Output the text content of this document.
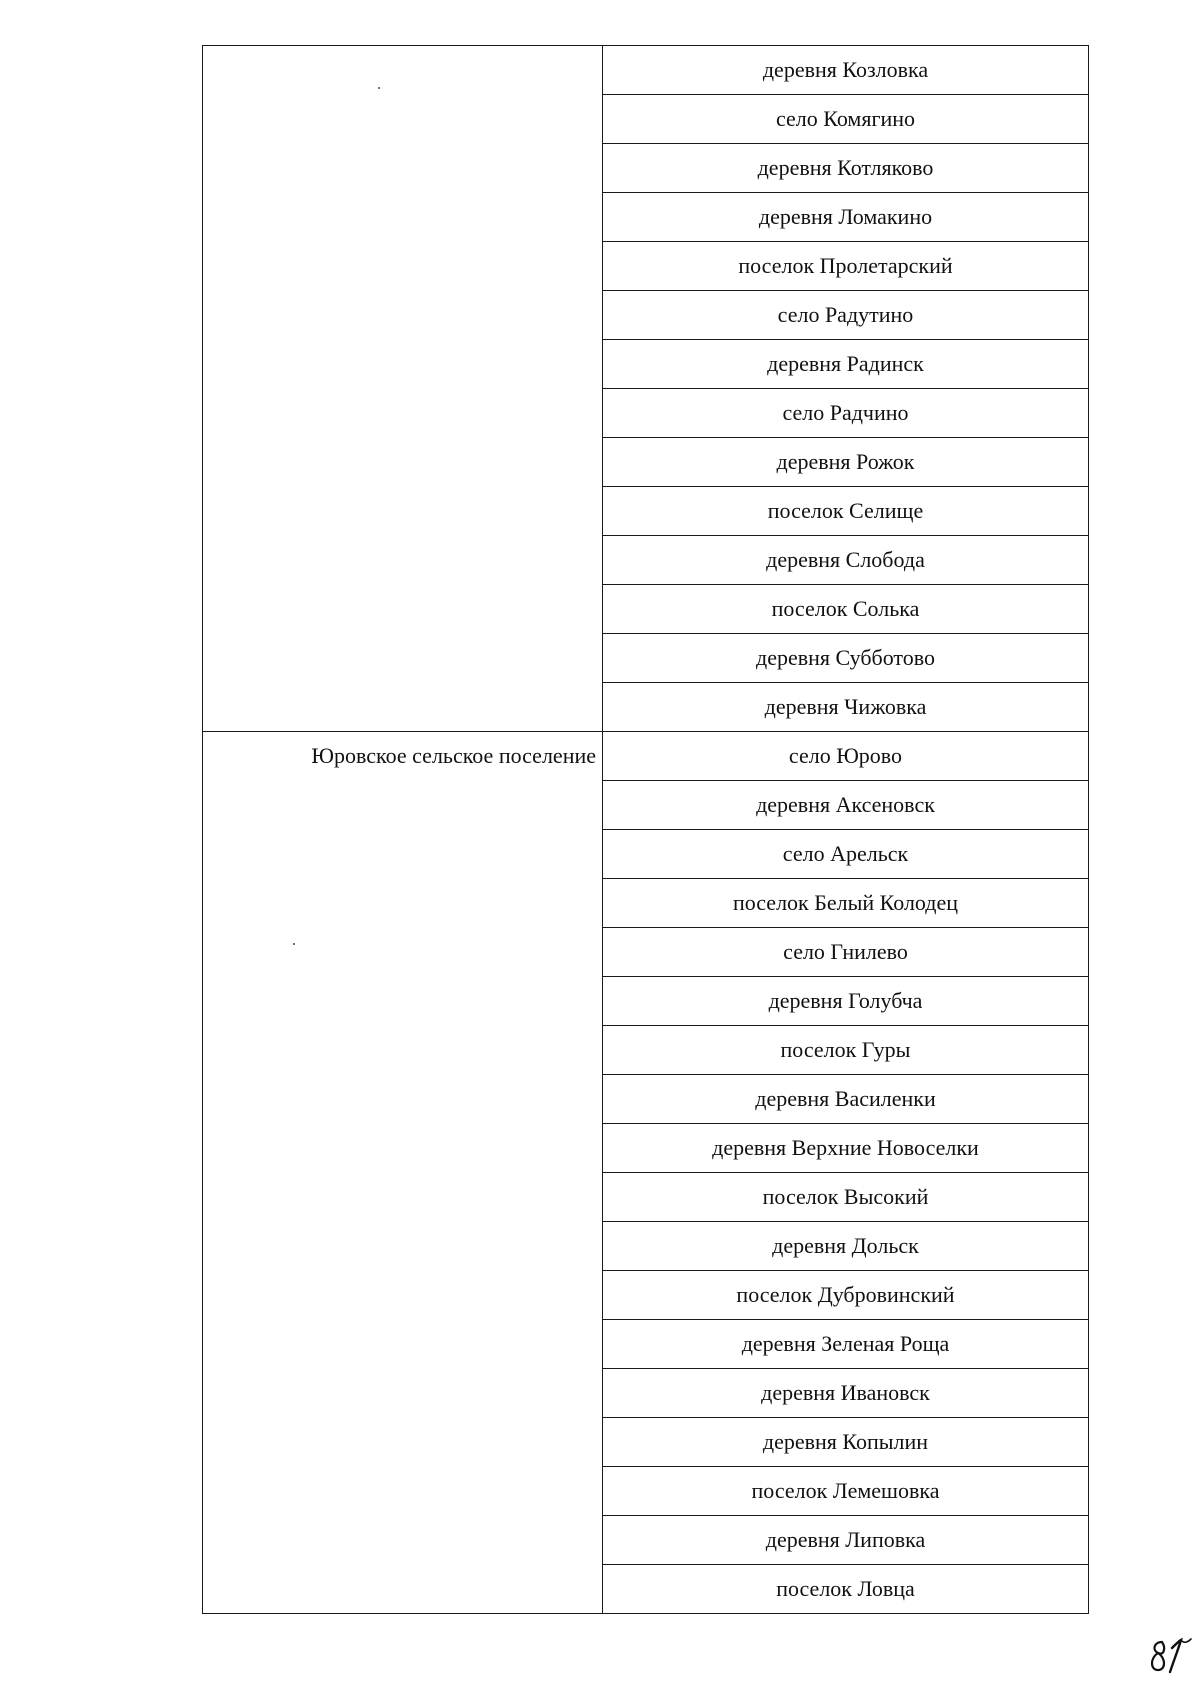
	деревня Козловка
	село Комягино
	деревня Котляково
	деревня Ломакино
	поселок Пролетарский
	село Радутино
	деревня Радинск
	село Радчино
	деревня Рожок
	поселок Селище
	деревня Слобода
	поселок Солька
	деревня Субботово
	деревня Чижовка

Юровское сельское поселение	село Юрово
	деревня Аксеновск
	село Арельск
	поселок Белый Колодец
	село Гнилево
	деревня Голубча
	поселок Гуры
	деревня Василенки
	деревня Верхние Новоселки
	поселок Высокий
	деревня Дольск
	поселок Дубровинский
	деревня Зеленая Роща
	деревня Ивановск
	деревня Копылин
	поселок Лемешовка
	деревня Липовка
	поселок Ловца
